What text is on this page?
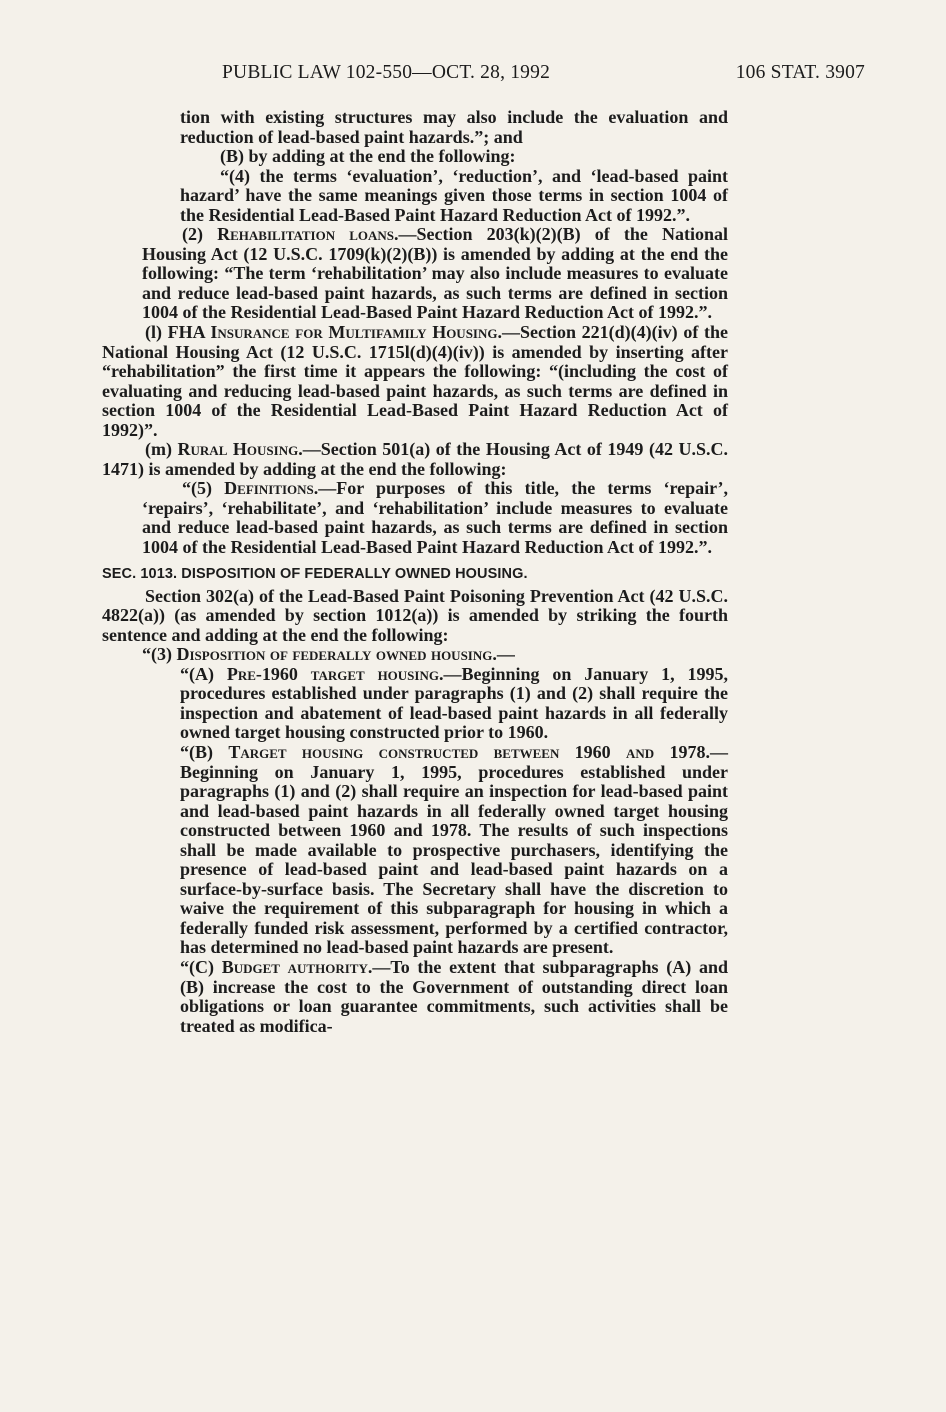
PUBLIC LAW 102-550—OCT. 28, 1992	106 STAT. 3907

tion with existing structures may also include the evaluation and reduction of lead-based paint hazards.”; and

(B) by adding at the end the following:

“(4) the terms ‘evaluation’, ‘reduction’, and ‘lead-based paint hazard’ have the same meanings given those terms in section 1004 of the Residential Lead-Based Paint Hazard Reduction Act of 1992.”.

(2) Rehabilitation loans.—Section 203(k)(2)(B) of the National Housing Act (12 U.S.C. 1709(k)(2)(B)) is amended by adding at the end the following: “The term ‘rehabilitation’ may also include measures to evaluate and reduce lead-based paint hazards, as such terms are defined in section 1004 of the Residential Lead-Based Paint Hazard Reduction Act of 1992.”.

(l) FHA Insurance for Multifamily Housing.—Section 221(d)(4)(iv) of the National Housing Act (12 U.S.C. 1715l(d)(4)(iv)) is amended by inserting after “rehabilitation” the first time it appears the following: “(including the cost of evaluating and reducing lead-based paint hazards, as such terms are defined in section 1004 of the Residential Lead-Based Paint Hazard Reduction Act of 1992)”.

(m) Rural Housing.—Section 501(a) of the Housing Act of 1949 (42 U.S.C. 1471) is amended by adding at the end the following:

“(5) Definitions.—For purposes of this title, the terms ‘repair’, ‘repairs’, ‘rehabilitate’, and ‘rehabilitation’ include measures to evaluate and reduce lead-based paint hazards, as such terms are defined in section 1004 of the Residential Lead-Based Paint Hazard Reduction Act of 1992.”.

SEC. 1013. DISPOSITION OF FEDERALLY OWNED HOUSING.

Section 302(a) of the Lead-Based Paint Poisoning Prevention Act (42 U.S.C. 4822(a)) (as amended by section 1012(a)) is amended by striking the fourth sentence and adding at the end the following:

“(3) Disposition of federally owned housing.—

“(A) Pre-1960 target housing.—Beginning on January 1, 1995, procedures established under paragraphs (1) and (2) shall require the inspection and abatement of lead-based paint hazards in all federally owned target housing constructed prior to 1960.

“(B) Target housing constructed between 1960 and 1978.—Beginning on January 1, 1995, procedures established under paragraphs (1) and (2) shall require an inspection for lead-based paint and lead-based paint hazards in all federally owned target housing constructed between 1960 and 1978. The results of such inspections shall be made available to prospective purchasers, identifying the presence of lead-based paint and lead-based paint hazards on a surface-by-surface basis. The Secretary shall have the discretion to waive the requirement of this subparagraph for housing in which a federally funded risk assessment, performed by a certified contractor, has determined no lead-based paint hazards are present.

“(C) Budget authority.—To the extent that subparagraphs (A) and (B) increase the cost to the Government of outstanding direct loan obligations or loan guarantee commitments, such activities shall be treated as modifica-
